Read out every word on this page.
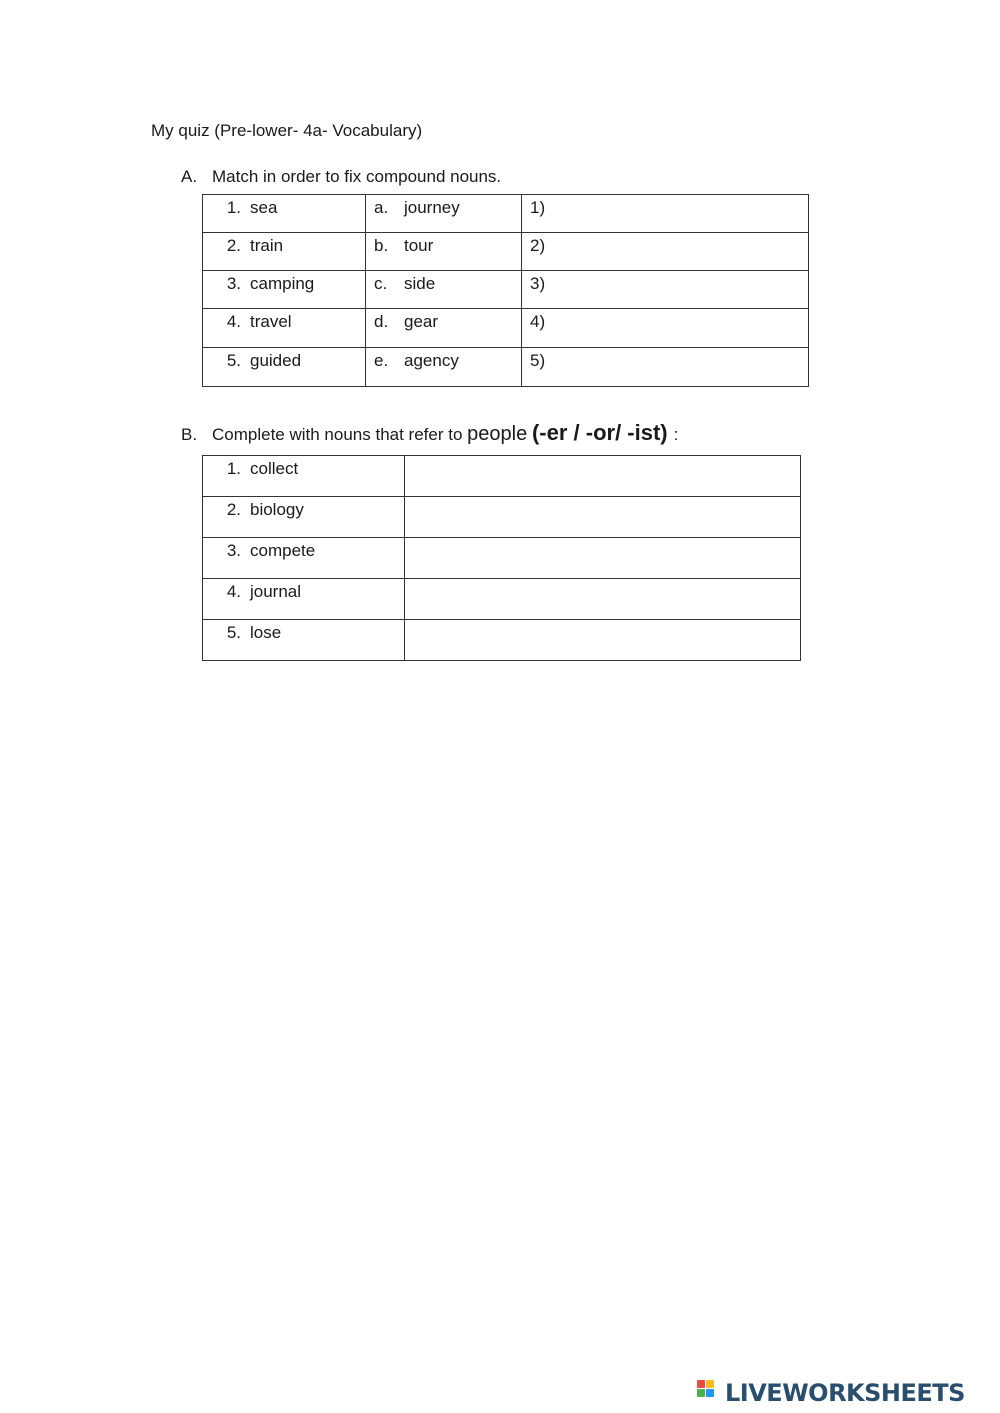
My quiz (Pre-lower- 4a- Vocabulary)
A. Match in order to fix compound nouns.
1. sea	a. journey	1)

2. train	b. tour	2)

3. camping	c. side	3)

4. travel	d. gear	4)

5. guided	e. agency	5)
B. Complete with nouns that refer to people (-er / -or/ -ist) :
1. collect	

2. biology	

3. compete	

4. journal	

5. lose	

LIVEWORKSHEETS
